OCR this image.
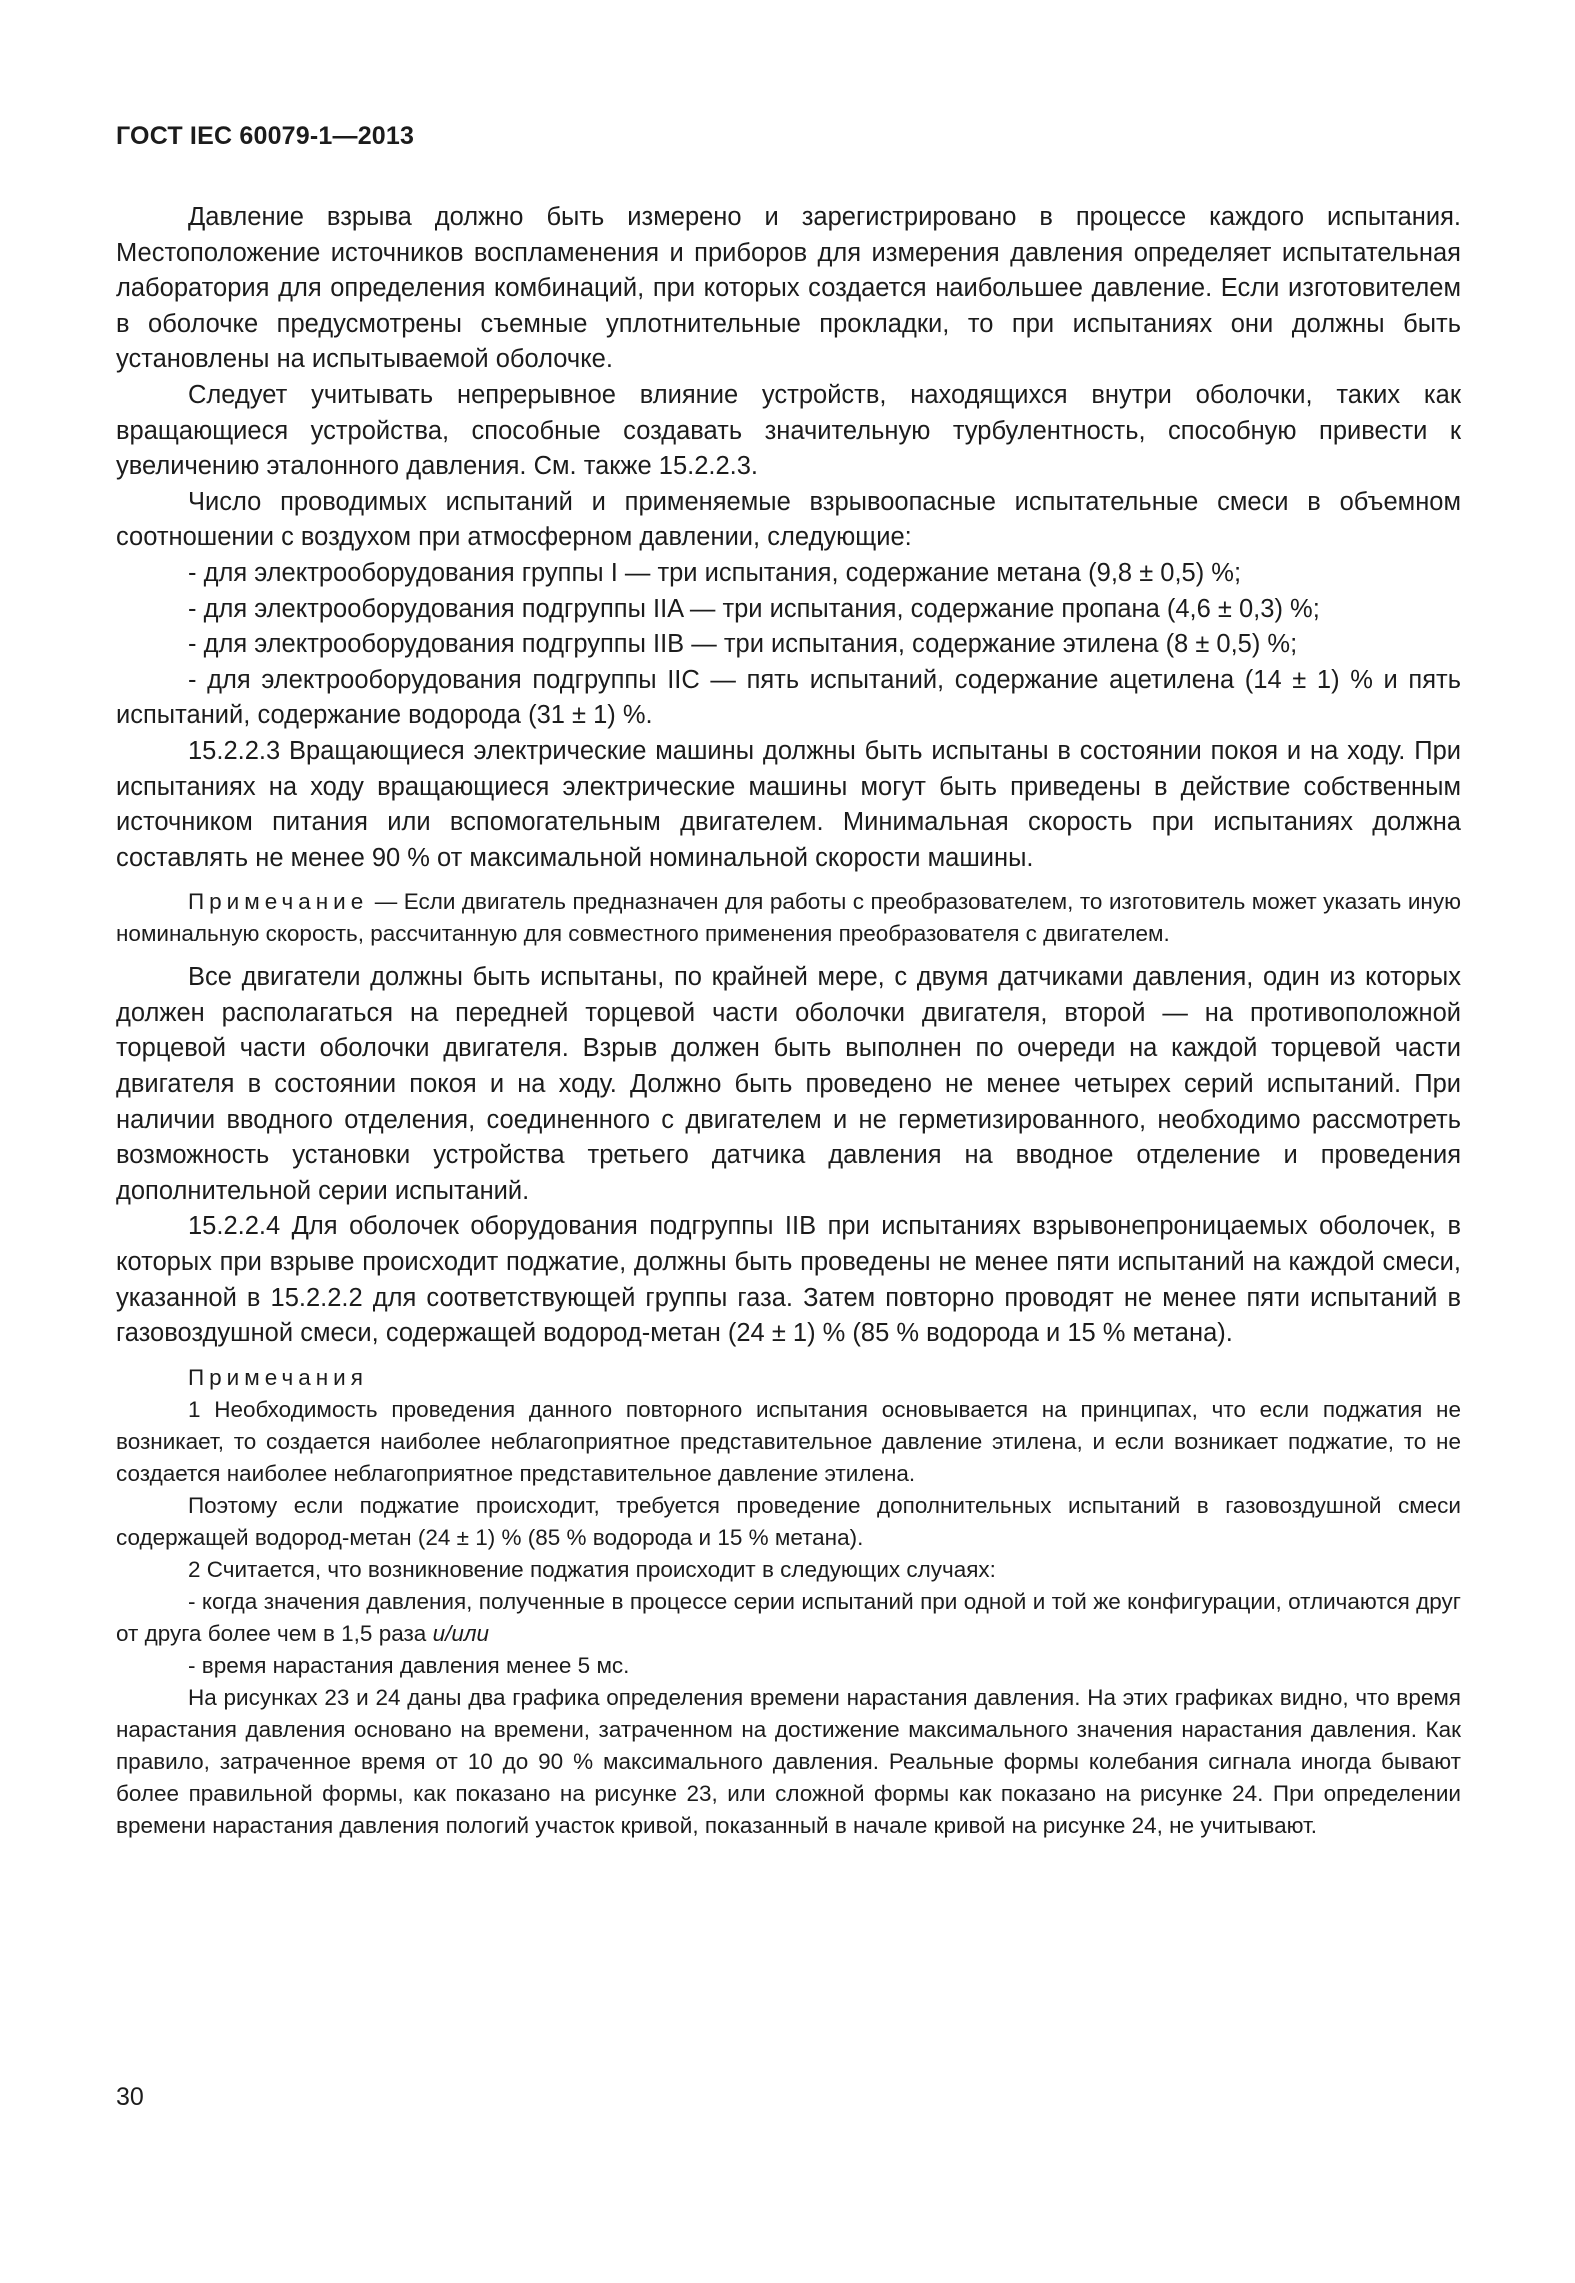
ГОСТ IEC 60079-1—2013

Давление взрыва должно быть измерено и зарегистрировано в процессе каждого испытания. Местоположение источников воспламенения и приборов для измерения давления определяет испытательная лаборатория для определения комбинаций, при которых создается наибольшее давление. Если изготовителем в оболочке предусмотрены съемные уплотнительные прокладки, то при испытаниях они должны быть установлены на испытываемой оболочке.

Следует учитывать непрерывное влияние устройств, находящихся внутри оболочки, таких как вращающиеся устройства, способные создавать значительную турбулентность, способную привести к увеличению эталонного давления. См. также 15.2.2.3.

Число проводимых испытаний и применяемые взрывоопасные испытательные смеси в объемном соотношении с воздухом при атмосферном давлении, следующие:

- для электрооборудования группы I — три испытания, содержание метана (9,8 ± 0,5) %;

- для электрооборудования подгруппы IIA — три испытания, содержание пропана (4,6 ± 0,3) %;

- для электрооборудования подгруппы IIB — три испытания, содержание этилена (8 ± 0,5) %;

- для электрооборудования подгруппы IIC — пять испытаний, содержание ацетилена (14 ± 1) % и пять испытаний, содержание водорода (31 ± 1) %.

15.2.2.3 Вращающиеся электрические машины должны быть испытаны в состоянии покоя и на ходу. При испытаниях на ходу вращающиеся электрические машины могут быть приведены в действие собственным источником питания или вспомогательным двигателем. Минимальная скорость при испытаниях должна составлять не менее 90 % от максимальной номинальной скорости машины.

Примечание — Если двигатель предназначен для работы с преобразователем, то изготовитель может указать иную номинальную скорость, рассчитанную для совместного применения преобразователя с двигателем.

Все двигатели должны быть испытаны, по крайней мере, с двумя датчиками давления, один из которых должен располагаться на передней торцевой части оболочки двигателя, второй — на противоположной торцевой части оболочки двигателя. Взрыв должен быть выполнен по очереди на каждой торцевой части двигателя в состоянии покоя и на ходу. Должно быть проведено не менее четырех серий испытаний. При наличии вводного отделения, соединенного с двигателем и не герметизированного, необходимо рассмотреть возможность установки устройства третьего датчика давления на вводное отделение и проведения дополнительной серии испытаний.

15.2.2.4 Для оболочек оборудования подгруппы IIB при испытаниях взрывонепроницаемых оболочек, в которых при взрыве происходит поджатие, должны быть проведены не менее пяти испытаний на каждой смеси, указанной в 15.2.2.2 для соответствующей группы газа. Затем повторно проводят не менее пяти испытаний в газовоздушной смеси, содержащей водород-метан (24 ± 1) % (85 % водорода и 15 % метана).

Примечания

1 Необходимость проведения данного повторного испытания основывается на принципах, что если поджатия не возникает, то создается наиболее неблагоприятное представительное давление этилена, и если возникает поджатие, то не создается наиболее неблагоприятное представительное давление этилена.

Поэтому если поджатие происходит, требуется проведение дополнительных испытаний в газовоздушной смеси содержащей водород-метан (24 ± 1) % (85 % водорода и 15 % метана).

2 Считается, что возникновение поджатия происходит в следующих случаях:

- когда значения давления, полученные в процессе серии испытаний при одной и той же конфигурации, отличаются друг от друга более чем в 1,5 раза и/или

- время нарастания давления менее 5 мс.

На рисунках 23 и 24 даны два графика определения времени нарастания давления. На этих графиках видно, что время нарастания давления основано на времени, затраченном на достижение максимального значения нарастания давления. Как правило, затраченное время от 10 до 90 % максимального давления. Реальные формы колебания сигнала иногда бывают более правильной формы, как показано на рисунке 23, или сложной формы как показано на рисунке 24. При определении времени нарастания давления пологий участок кривой, показанный в начале кривой на рисунке 24, не учитывают.

30
